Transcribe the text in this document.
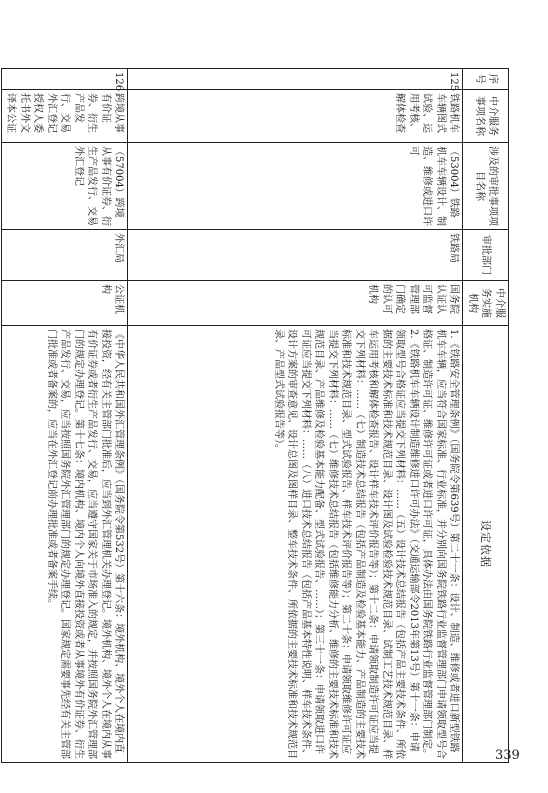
序号	中介服务事项名称	涉及的审批事项项目名称	审批部门	中介服务实施机构	设定依据
125	铁路机车车辆图式试验、运用考核、解体检查	（53004）铁路机车车辆设计、制造、维修或进口许可	铁路局	国务院认证认可监督管理部门确定的认可机构	1.《铁路安全管理条例》（国务院令第639号）第二十一条：设计、制造、维修或者进口新型铁路机车车辆，应当符合国家标准、行业标准，并分别向国务院铁路行业监督管理部门申请领取型号合格证、制造许可证、维修许可证或者进口许可证，具体办法由国务院铁路行业监督管理部门制定。2.《铁路机车车辆设计制造维修进口许可办法》（交通运输部令2013年第13号）第十一条：申请领取型号合格证应当提交下列材料：……（五）设计技术总结报告（包括产品主要技术条件、所依据的主要技术标准和技术规范目录、设计图及试验检验技术规范目录、试制工艺技术规范目录、样车运用考核和解体检查报告、设计样车技术评价报告等）；第十二条：申请领取制造许可证应当提交下列材料：……（七）制造技术总结报告（包括产品制造及检验基本能力、产品制造的主要技术标准和技术规范目录、型式试验报告、样车技术评价报告等）；第二十条：申请领取维修许可证应当提交下列材料：……（七）维修技术总结报告（包括维修能力分析、维修的主要技术标准和技术规范目录、产品维修及检验基本能力配备、型式试验报告、……）；第三十一条：申请领取进口许可证应当提交下列材料：……（八）进口技术总结报告（包括产品基本特性说明、样车技术条件、设计方案的审查意见、设计总图及图样目录、整车技术条件、所依据的主要技术标准和技术规范目录、产品型式试验报告等）。
126	跨境从事有价证券、衍生产品发行、交易外汇登记授权人委托书外文译本公证	（57004）跨境从事有价证券、衍生产品发行、交易外汇登记	外汇局	公证机构	《中华人民共和国外汇管理条例》（国务院令第532号）第十六条：境外机构、境外个人在境内直接投资，经有关主管部门批准后，应当到外汇管理机关办理登记。境外机构、境外个人在境内从事有价证券或者衍生产品发行、交易，应当遵守国家关于市场准入的规定，并按照国务院外汇管理部门的规定办理登记。第十七条：境内机构、境内个人向境外直接投资或者从事境外有价证券、衍生产品发行、交易，应当按照国务院外汇管理部门的规定办理登记。国家规定需要事先经有关主管部门批准或者备案的，应当在外汇登记前办理批准或者备案手续。
339
